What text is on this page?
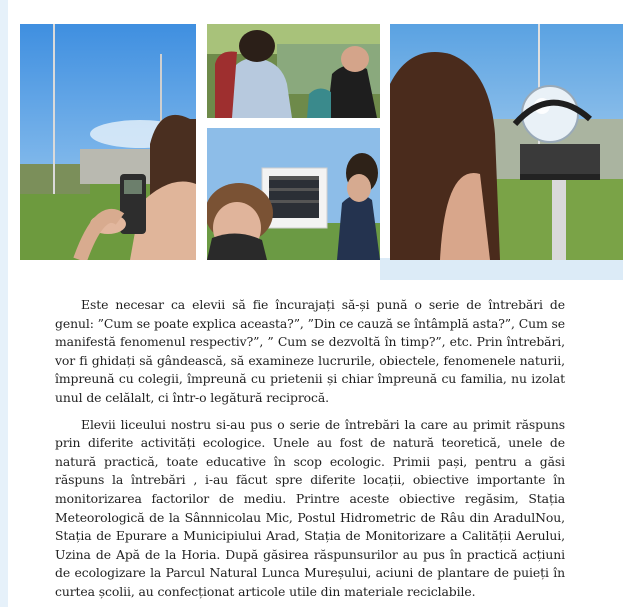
Este necesar ca elevii să fie încurajați să-și pună o serie de întrebări de genul: ”Cum se poate explica aceasta?”, ”Din ce cauză se întâmplă asta?”, Cum se manifestă fenomenul respectiv?”, ” Cum se dezvoltă în timp?”, etc. Prin întrebări, vor fi ghidați să gândească, să examineze lucrurile, obiectele, fenomenele naturii, împreună cu colegii, împreună cu prietenii și chiar împreună cu familia, nu izolat unul de celălalt, ci într-o legătură reciprocă.

Elevii liceului nostru si-au pus o serie de întrebări la care au primit răspuns prin diferite activități ecologice. Unele au fost de natură teoretică, unele de natură practică, toate educative în scop ecologic. Primii pași, pentru a găsi răspuns la întrebări , i-au făcut spre diferite locații, obiective importante în monitorizarea factorilor de mediu. Printre aceste obiective regăsim, Stația Meteorologică de la Sânnnicolau Mic, Postul Hidrometric de Râu din AradulNou, Stația de Epurare a Municipiului Arad, Stația de Monitorizare a Calității Aerului, Uzina de Apă de la Horia. După găsirea răspunsurilor au pus în practică acțiuni de ecologizare la Parcul Natural Lunca Mureșului, aciuni de plantare de puieți în curtea școlii, au confecționat articole utile din materiale reciclabile.
